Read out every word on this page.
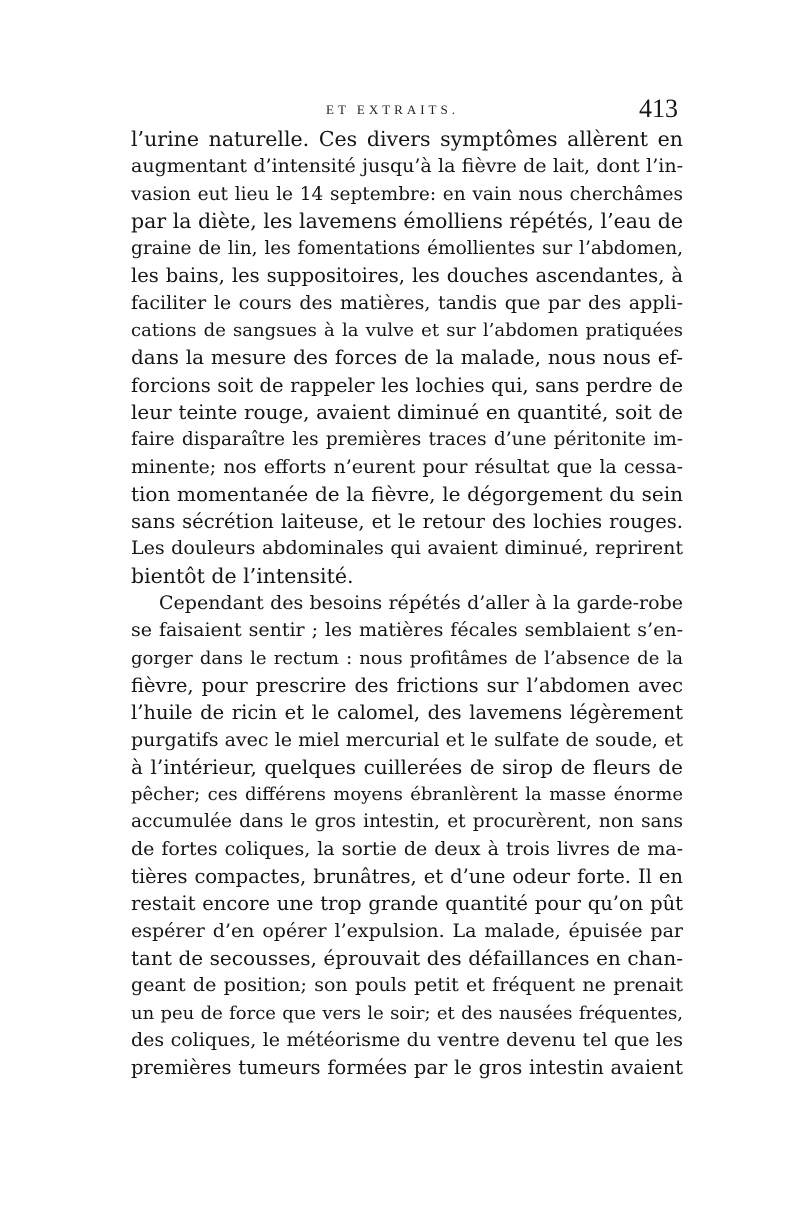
ET EXTRAITS.	413
l’urine naturelle. Ces divers symptômes allèrent en
augmentant d’intensité jusqu’à la fièvre de lait, dont l’in-
vasion eut lieu le 14 septembre: en vain nous cherchâmes
par la diète, les lavemens émolliens répétés, l’eau de
graine de lin, les fomentations émollientes sur l’abdomen,
les bains, les suppositoires, les douches ascendantes, à
faciliter le cours des matières, tandis que par des appli-
cations de sangsues à la vulve et sur l’abdomen pratiquées
dans la mesure des forces de la malade, nous nous ef-
forcions soit de rappeler les lochies qui, sans perdre de
leur teinte rouge, avaient diminué en quantité, soit de
faire disparaître les premières traces d’une péritonite im-
minente; nos efforts n’eurent pour résultat que la cessa-
tion momentanée de la fièvre, le dégorgement du sein
sans sécrétion laiteuse, et le retour des lochies rouges.
Les douleurs abdominales qui avaient diminué, reprirent
bientôt de l’intensité.
Cependant des besoins répétés d’aller à la garde-robe
se faisaient sentir ; les matières fécales semblaient s’en-
gorger dans le rectum : nous profitâmes de l’absence de la
fièvre, pour prescrire des frictions sur l’abdomen avec
l’huile de ricin et le calomel, des lavemens légèrement
purgatifs avec le miel mercurial et le sulfate de soude, et
à l’intérieur, quelques cuillerées de sirop de fleurs de
pêcher; ces différens moyens ébranlèrent la masse énorme
accumulée dans le gros intestin, et procurèrent, non sans
de fortes coliques, la sortie de deux à trois livres de ma-
tières compactes, brunâtres, et d’une odeur forte. Il en
restait encore une trop grande quantité pour qu’on pût
espérer d’en opérer l’expulsion. La malade, épuisée par
tant de secousses, éprouvait des défaillances en chan-
geant de position; son pouls petit et fréquent ne prenait
un peu de force que vers le soir; et des nausées fréquentes,
des coliques, le météorisme du ventre devenu tel que les
premières tumeurs formées par le gros intestin avaient
